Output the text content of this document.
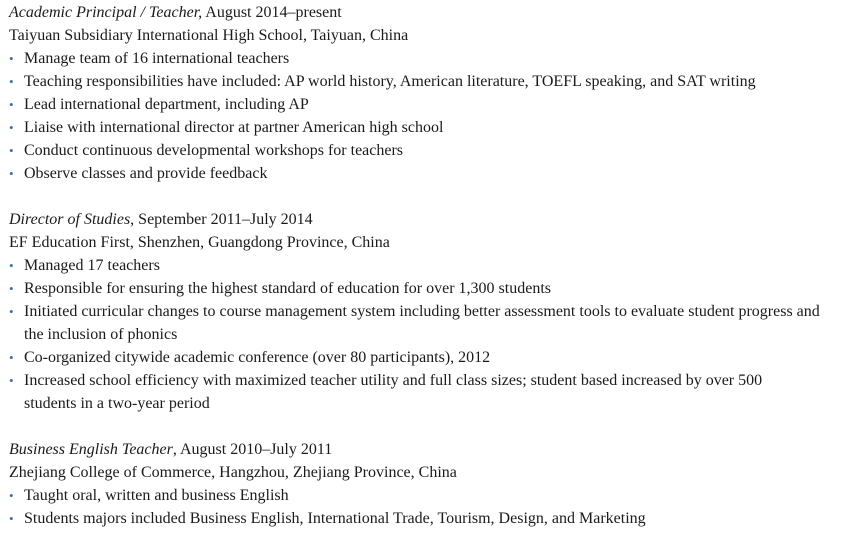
Academic Principal / Teacher, August 2014–present
Taiyuan Subsidiary International High School, Taiyuan, China
• Manage team of 16 international teachers
• Teaching responsibilities have included: AP world history, American literature, TOEFL speaking, and SAT writing
• Lead international department, including AP
• Liaise with international director at partner American high school
• Conduct continuous developmental workshops for teachers
• Observe classes and provide feedback
Director of Studies, September 2011–July 2014
EF Education First, Shenzhen, Guangdong Province, China
• Managed 17 teachers
• Responsible for ensuring the highest standard of education for over 1,300 students
• Initiated curricular changes to course management system including better assessment tools to evaluate student progress and the inclusion of phonics
• Co-organized citywide academic conference (over 80 participants), 2012
• Increased school efficiency with maximized teacher utility and full class sizes; student based increased by over 500 students in a two-year period
Business English Teacher, August 2010–July 2011
Zhejiang College of Commerce, Hangzhou, Zhejiang Province, China
• Taught oral, written and business English
• Students majors included Business English, International Trade, Tourism, Design, and Marketing
